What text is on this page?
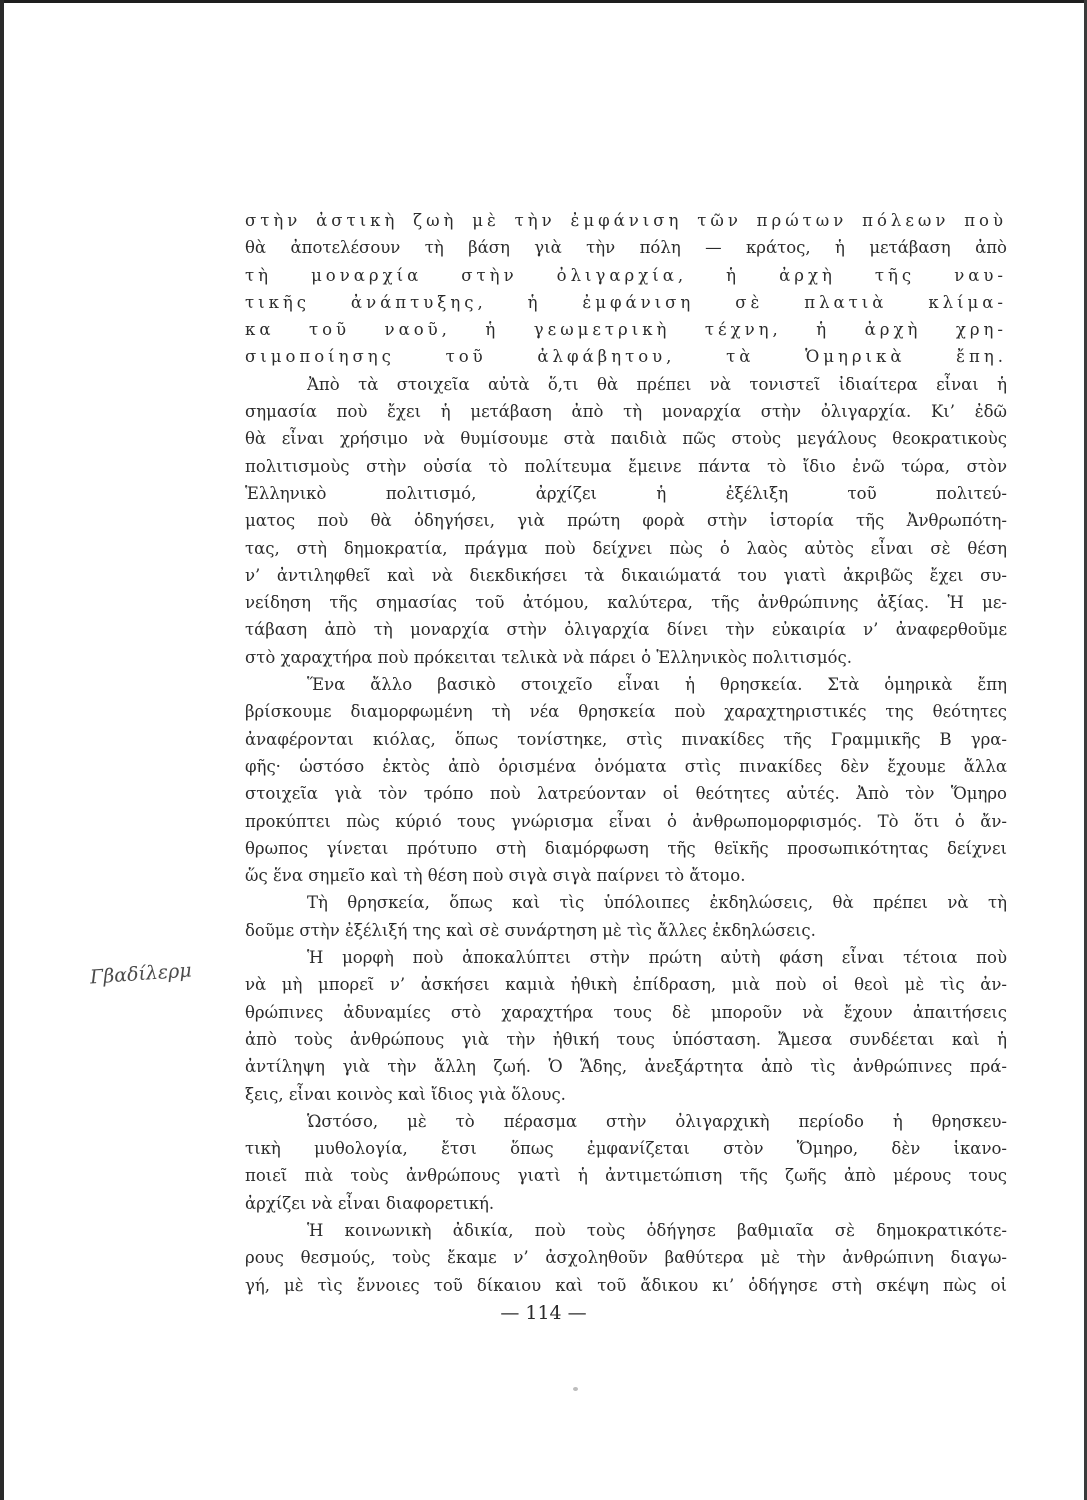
στὴν ἀστικὴ ζωὴ μὲ τὴν ἐμφάνιση τῶν πρώτων πόλεων ποὺ
θὰ ἀποτελέσουν τὴ βάση γιὰ τὴν πόλη — κράτος, ἡ μετάβαση ἀπὸ
τὴ μοναρχία στὴν ὀλιγαρχία, ἡ ἀρχὴ τῆς ναυ-
τικῆς ἀνάπτυξης, ἡ ἐμφάνιση σὲ πλατιὰ κλίμα-
κα τοῦ ναοῦ, ἡ γεωμετρικὴ τέχνη, ἡ ἀρχὴ χρη-
σιμοποίησης τοῦ ἀλφάβητου, τὰ Ὁμηρικὰ ἔπη.
Ἀπὸ τὰ στοιχεῖα αὐτὰ ὅ,τι θὰ πρέπει νὰ τονιστεῖ ἰδιαίτερα εἶναι ἡ
σημασία ποὺ ἔχει ἡ μετάβαση ἀπὸ τὴ μοναρχία στὴν ὀλιγαρχία. Κι’ ἐδῶ
θὰ εἶναι χρήσιμο νὰ θυμίσουμε στὰ παιδιὰ πῶς στοὺς μεγάλους θεοκρατικοὺς
πολιτισμοὺς στὴν οὐσία τὸ πολίτευμα ἔμεινε πάντα τὸ ἴδιο ἐνῶ τώρα, στὸν
Ἑλληνικὸ πολιτισμό, ἀρχίζει ἡ ἐξέλιξη τοῦ πολιτεύ-
ματος ποὺ θὰ ὁδηγήσει, γιὰ πρώτη φορὰ στὴν ἱστορία τῆς Ἀνθρωπότη-
τας, στὴ δημοκρατία, πράγμα ποὺ δείχνει πὼς ὁ λαὸς αὐτὸς εἶναι σὲ θέση
ν’ ἀντιληφθεῖ καὶ νὰ διεκδικήσει τὰ δικαιώματά του γιατὶ ἀκριβῶς ἔχει συ-
νείδηση τῆς σημασίας τοῦ ἀτόμου, καλύτερα, τῆς ἀνθρώπινης ἀξίας. Ἡ με-
τάβαση ἀπὸ τὴ μοναρχία στὴν ὀλιγαρχία δίνει τὴν εὐκαιρία ν’ ἀναφερθοῦμε
στὸ χαραχτήρα ποὺ πρόκειται τελικὰ νὰ πάρει ὁ Ἑλληνικὸς πολιτισμός.
Ἕνα ἄλλο βασικὸ στοιχεῖο εἶναι ἡ θρησκεία. Στὰ ὁμηρικὰ ἔπη
βρίσκουμε διαμορφωμένη τὴ νέα θρησκεία ποὺ χαραχτηριστικές της θεότητες
ἀναφέρονται κιόλας, ὅπως τονίστηκε, στὶς πινακίδες τῆς Γραμμικῆς Β γρα-
φῆς· ὡστόσο ἐκτὸς ἀπὸ ὁρισμένα ὀνόματα στὶς πινακίδες δὲν ἔχουμε ἄλλα
στοιχεῖα γιὰ τὸν τρόπο ποὺ λατρεύονταν οἱ θεότητες αὐτές. Ἀπὸ τὸν Ὅμηρο
προκύπτει πὼς κύριό τους γνώρισμα εἶναι ὁ ἀνθρωπομορφισμός. Τὸ ὅτι ὁ ἄν-
θρωπος γίνεται πρότυπο στὴ διαμόρφωση τῆς θεϊκῆς προσωπικότητας δείχνει
ὥς ἕνα σημεῖο καὶ τὴ θέση ποὺ σιγὰ σιγὰ παίρνει τὸ ἄτομο.
Τὴ θρησκεία, ὅπως καὶ τὶς ὑπόλοιπες ἐκδηλώσεις, θὰ πρέπει νὰ τὴ
δοῦμε στὴν ἐξέλιξή της καὶ σὲ συνάρτηση μὲ τὶς ἄλλες ἐκδηλώσεις.
Ἡ μορφὴ ποὺ ἀποκαλύπτει στὴν πρώτη αὐτὴ φάση εἶναι τέτοια ποὺ
νὰ μὴ μπορεῖ ν’ ἀσκήσει καμιὰ ἠθικὴ ἐπίδραση, μιὰ ποὺ οἱ θεοὶ μὲ τὶς ἀν-
θρώπινες ἀδυναμίες στὸ χαραχτήρα τους δὲ μποροῦν νὰ ἔχουν ἀπαιτήσεις
ἀπὸ τοὺς ἀνθρώπους γιὰ τὴν ἠθική τους ὑπόσταση. Ἄμεσα συνδέεται καὶ ἡ
ἀντίληψη γιὰ τὴν ἄλλη ζωή. Ὁ Ἅδης, ἀνεξάρτητα ἀπὸ τὶς ἀνθρώπινες πρά-
ξεις, εἶναι κοινὸς καὶ ἴδιος γιὰ ὅλους.
Ὡστόσο, μὲ τὸ πέρασμα στὴν ὀλιγαρχικὴ περίοδο ἡ θρησκευ-
τικὴ μυθολογία, ἔτσι ὅπως ἐμφανίζεται στὸν Ὅμηρο, δὲν ἱκανο-
ποιεῖ πιὰ τοὺς ἀνθρώπους γιατὶ ἡ ἀντιμετώπιση τῆς ζωῆς ἀπὸ μέρους τους
ἀρχίζει νὰ εἶναι διαφορετική.
Ἡ κοινωνικὴ ἀδικία, ποὺ τοὺς ὁδήγησε βαθμιαῖα σὲ δημοκρατικότε-
ρους θεσμούς, τοὺς ἔκαμε ν’ ἀσχοληθοῦν βαθύτερα μὲ τὴν ἀνθρώπινη διαγω-
γή, μὲ τὶς ἔννοιες τοῦ δίκαιου καὶ τοῦ ἄδικου κι’ ὁδήγησε στὴ σκέψη πὼς οἱ
Γβαδίλερμ
— 114 —
